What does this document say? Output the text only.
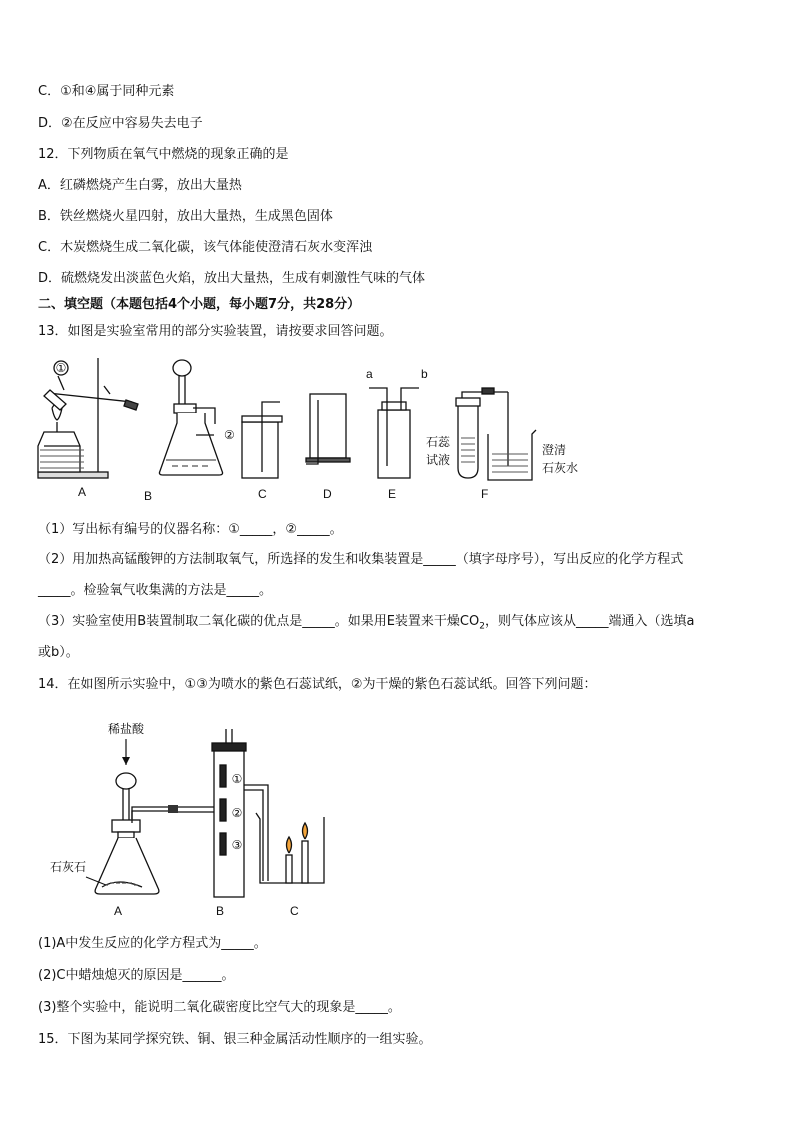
C．①和④属于同种元素
D．②在反应中容易失去电子
12．下列物质在氧气中燃烧的现象正确的是
A．红磷燃烧产生白雾，放出大量热
B．铁丝燃烧火星四射，放出大量热，生成黑色固体
C．木炭燃烧生成二氧化碳，该气体能使澄清石灰水变浑浊
D．硫燃烧发出淡蓝色火焰，放出大量热，生成有刺激性气味的气体
二、填空题（本题包括4个小题，每小题7分，共28分）
13．如图是实验室常用的部分实验装置，请按要求回答问题。
①
②
a	b
石蕊
试液
澄清
石灰水
A	B	C	D	E	F
（1）写出标有编号的仪器名称：①_____，②_____。
（2）用加热高锰酸钾的方法制取氧气，所选择的发生和收集装置是_____（填字母序号），写出反应的化学方程式
_____。检验氧气收集满的方法是_____。
（3）实验室使用B装置制取二氧化碳的优点是_____。如果用E装置来干燥$CO_2$，则气体应该从_____端通入（选填a
或b）。
14．在如图所示实验中，①③为喷水的紫色石蕊试纸，②为干燥的紫色石蕊试纸。回答下列问题：
稀盐酸
石灰石
①
②
③
A	B	C
(1)A中发生反应的化学方程式为_____。
(2)C中蜡烛熄灭的原因是______。
(3)整个实验中，能说明二氧化碳密度比空气大的现象是_____。
15．下图为某同学探究铁、铜、银三种金属活动性顺序的一组实验。
